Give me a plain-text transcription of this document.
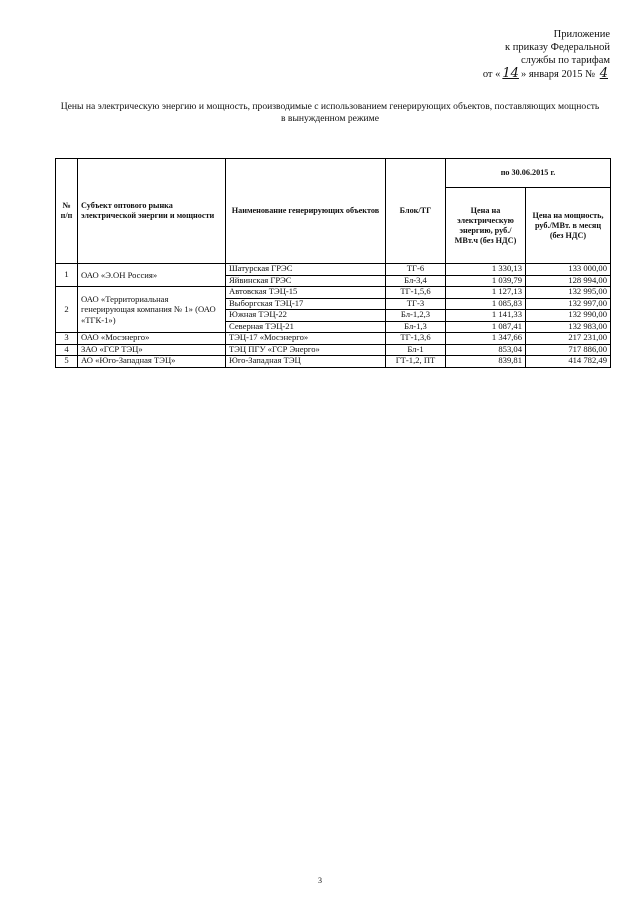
Приложение
к приказу Федеральной
службы по тарифам
от « 14 » января 2015 № 4
Цены на электрическую энергию и мощность, производимые с использованием генерирующих объектов, поставляющих мощность в вынужденном режиме
№ п/п	Субъект оптового рынка электрической энергии и мощности	Наименование генерирующих объектов	Блок/ТГ	по 30.06.2015 г.	
				Цена на электрическую энергию, руб./МВт.ч (без НДС)	Цена на мощность, руб./МВт. в месяц (без НДС)
1	ОАО «Э.ОН Россия»	Шатурская ГРЭС	ТГ-6	1 330,13	133 000,00
		Яйвинская ГРЭС	Бл-3,4	1 039,79	128 994,00
2	ОАО «Территориальная генерирующая компания № 1» (ОАО «ТГК-1»)	Автовская ТЭЦ-15	ТГ-1,5,6	1 127,13	132 995,00
		Выборгская ТЭЦ-17	ТГ-3	1 085,83	132 997,00
		Южная ТЭЦ-22	Бл-1,2,3	1 141,33	132 990,00
		Северная ТЭЦ-21	Бл-1,3	1 087,41	132 983,00
3	ОАО «Мосэнерго»	ТЭЦ-17 «Мосэнерго»	ТГ-1,3,6	1 347,66	217 231,00
4	ЗАО «ГСР ТЭЦ»	ТЭЦ ПГУ «ГСР Энерго»	Бл-1	853,04	717 886,00
5	АО «Юго-Западная ТЭЦ»	Юго-Западная ТЭЦ	ГТ-1,2, ПТ	839,81	414 782,49
3
